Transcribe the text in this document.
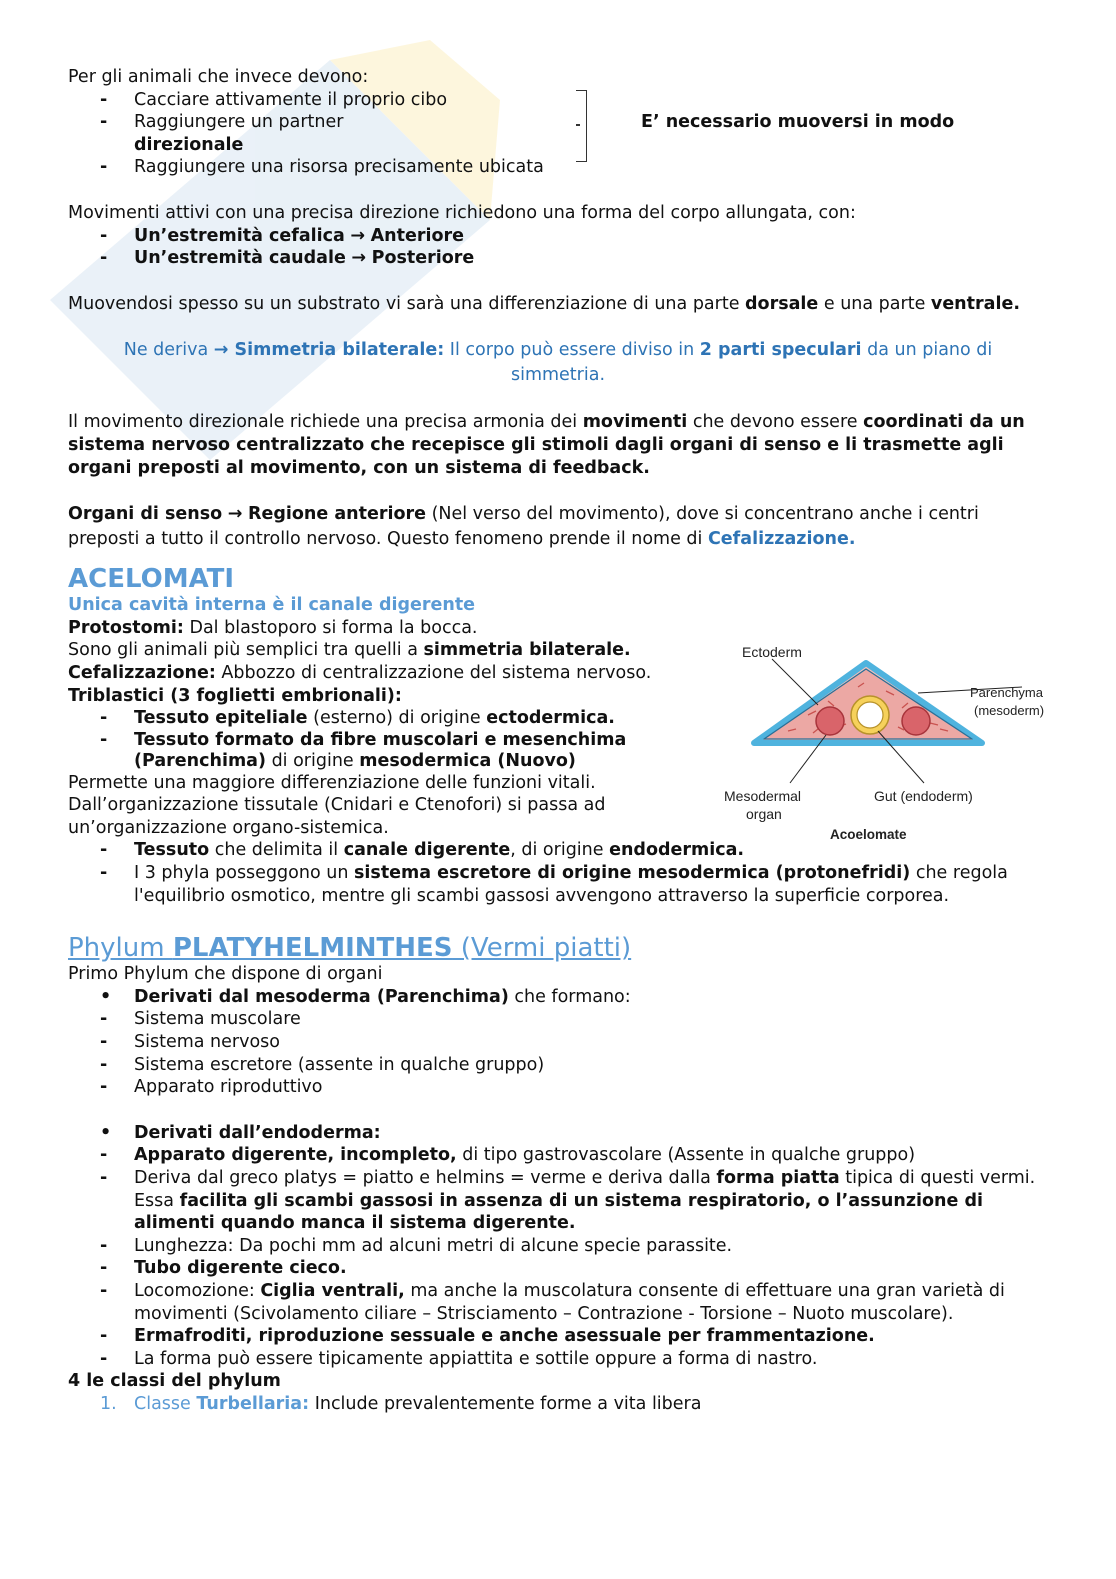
Per gli animali che invece devono:

- Cacciare attivamente il proprio cibo
- Raggiungere un partner	E’ necessario muoversi in modo
direzionale
- Raggiungere una risorsa precisamente ubicata

Movimenti attivi con una precisa direzione richiedono una forma del corpo allungata, con:

- Un’estremità cefalica → Anteriore
- Un’estremità caudale → Posteriore

Muovendosi spesso su un substrato vi sarà una differenziazione di una parte dorsale e una parte ventrale.

Ne deriva → Simmetria bilaterale: Il corpo può essere diviso in 2 parti speculari da un piano di simmetria.

Il movimento direzionale richiede una precisa armonia dei movimenti che devono essere coordinati da un sistema nervoso centralizzato che recepisce gli stimoli dagli organi di senso e li trasmette agli organi preposti al movimento, con un sistema di feedback.

Organi di senso → Regione anteriore (Nel verso del movimento), dove si concentrano anche i centri preposti a tutto il controllo nervoso. Questo fenomeno prende il nome di Cefalizzazione.

ACELOMATI
Unica cavità interna è il canale digerente

Protostomi: Dal blastoporo si forma la bocca.

Sono gli animali più semplici tra quelli a simmetria bilaterale.

Cefalizzazione: Abbozzo di centralizzazione del sistema nervoso.

Triblastici (3 foglietti embrionali):

- Tessuto epiteliale (esterno) di origine ectodermica.
- Tessuto formato da fibre muscolari e mesenchima (Parenchima) di origine mesodermica (Nuovo)

Permette una maggiore differenziazione delle funzioni vitali.

Dall’organizzazione tissutale (Cnidari e Ctenofori) si passa ad un’organizzazione organo-sistemica.

- Tessuto che delimita il canale digerente, di origine endodermica.
- I 3 phyla posseggono un sistema escretore di origine mesodermica (protonefridi) che regola l'equilibrio osmotico, mentre gli scambi gassosi avvengono attraverso la superficie corporea.
Phylum PLATYHELMINTHES (Vermi piatti)

Primo Phylum che dispone di organi

• Derivati dal mesoderma (Parenchima) che formano:
- Sistema muscolare
- Sistema nervoso
- Sistema escretore (assente in qualche gruppo)
- Apparato riproduttivo
• Derivati dall’endoderma:
- Apparato digerente, incompleto, di tipo gastrovascolare (Assente in qualche gruppo)
- Deriva dal greco platys = piatto e helmins = verme e deriva dalla forma piatta tipica di questi vermi. Essa facilita gli scambi gassosi in assenza di un sistema respiratorio, o l’assunzione di alimenti quando manca il sistema digerente.
- Lunghezza: Da pochi mm ad alcuni metri di alcune specie parassite.
- Tubo digerente cieco.
- Locomozione: Ciglia ventrali, ma anche la muscolatura consente di effettuare una gran varietà di movimenti (Scivolamento ciliare – Strisciamento – Contrazione - Torsione – Nuoto muscolare).
- Ermafroditi, riproduzione sessuale e anche asessuale per frammentazione.
- La forma può essere tipicamente appiattita e sottile oppure a forma di nastro.

4 le classi del phylum

1. Classe Turbellaria: Include prevalentemente forme a vita libera
Ectoderm
Parenchyma
(mesoderm)
Mesodermal
organ
Gut (endoderm)
Acoelomate
